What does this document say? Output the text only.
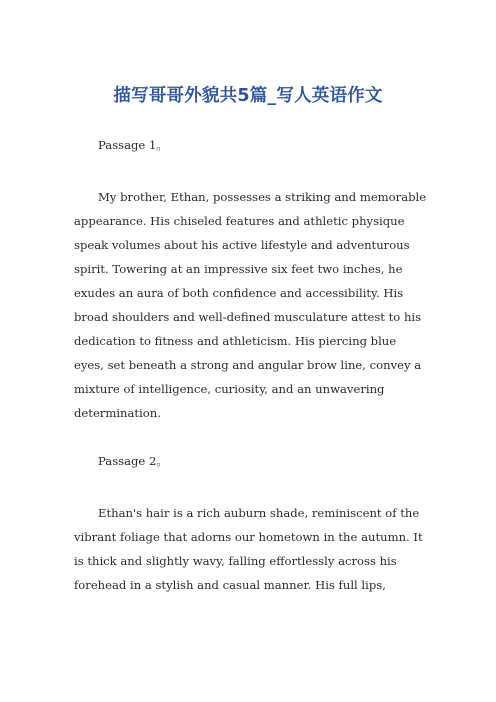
描写哥哥外貌共5篇_写人英语作文
Passage 1。
My brother, Ethan, possesses a striking and memorable
appearance. His chiseled features and athletic physique
speak volumes about his active lifestyle and adventurous
spirit. Towering at an impressive six feet two inches, he
exudes an aura of both confidence and accessibility. His
broad shoulders and well-defined musculature attest to his
dedication to fitness and athleticism. His piercing blue
eyes, set beneath a strong and angular brow line, convey a
mixture of intelligence, curiosity, and an unwavering
determination.
Passage 2。
Ethan's hair is a rich auburn shade, reminiscent of the
vibrant foliage that adorns our hometown in the autumn. It
is thick and slightly wavy, falling effortlessly across his
forehead in a stylish and casual manner. His full lips,
